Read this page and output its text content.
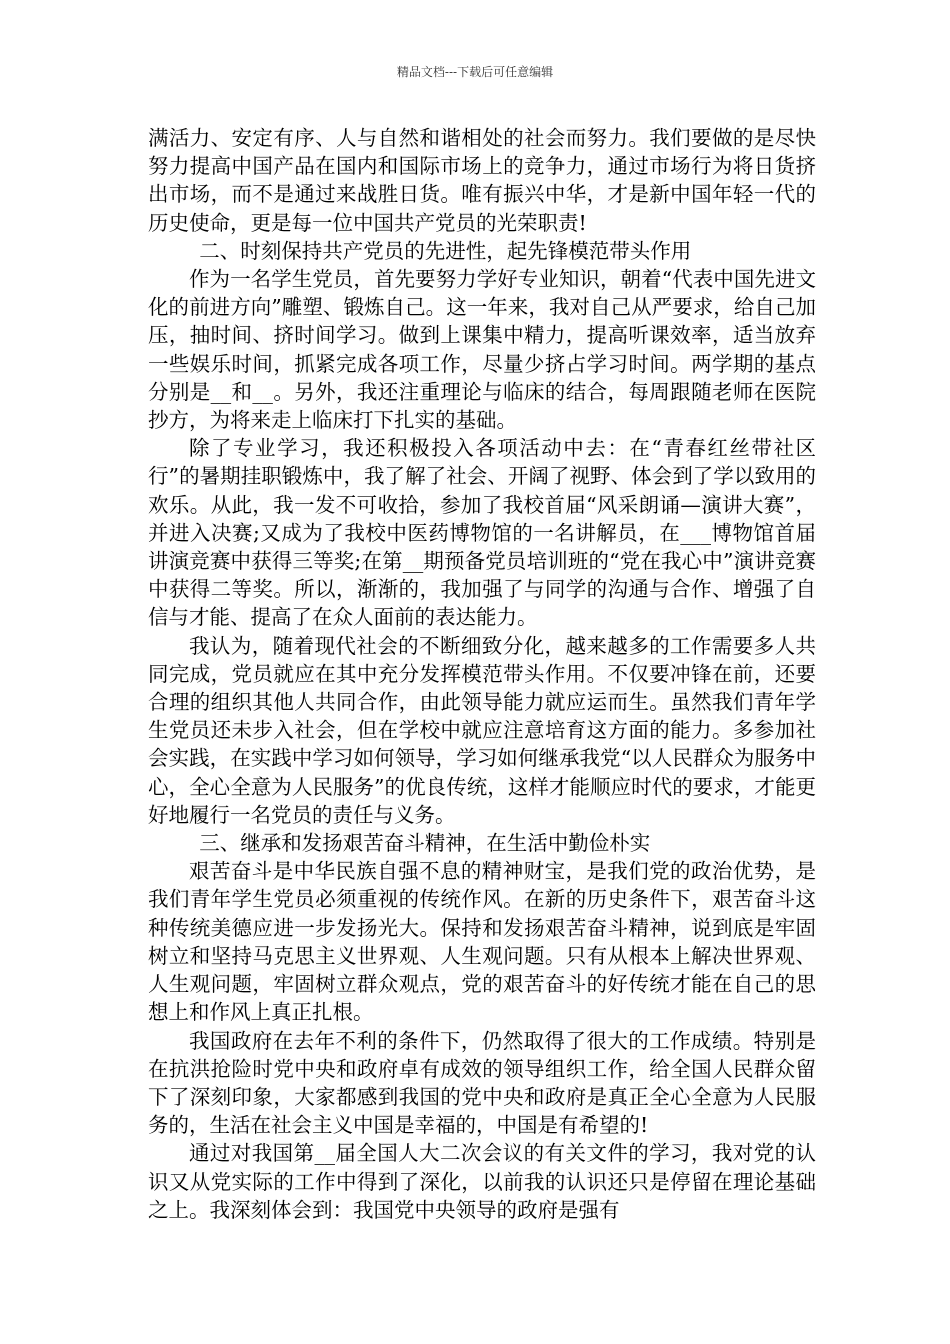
精品文档---下载后可任意编辑

满活力、安定有序、人与自然和谐相处的社会而努力。我们要做的是尽快努力提高中国产品在国内和国际市场上的竞争力，通过市场行为将日货挤出市场，而不是通过来战胜日货。唯有振兴中华，才是新中国年轻一代的历史使命，更是每一位中国共产党员的光荣职责!

二、时刻保持共产党员的先进性，起先锋模范带头作用

作为一名学生党员，首先要努力学好专业知识，朝着“代表中国先进文化的前进方向”雕塑、锻炼自己。这一年来，我对自己从严要求，给自己加压，抽时间、挤时间学习。做到上课集中精力，提高听课效率，适当放弃一些娱乐时间，抓紧完成各项工作，尽量少挤占学习时间。两学期的基点分别是__和__。另外，我还注重理论与临床的结合，每周跟随老师在医院抄方，为将来走上临床打下扎实的基础。

除了专业学习，我还积极投入各项活动中去：在“青春红丝带社区行”的暑期挂职锻炼中，我了解了社会、开阔了视野、体会到了学以致用的欢乐。从此，我一发不可收拾，参加了我校首届“风采朗诵—演讲大赛”，并进入决赛;又成为了我校中医药博物馆的一名讲解员，在___博物馆首届讲演竞赛中获得三等奖;在第__期预备党员培训班的“党在我心中”演讲竞赛中获得二等奖。所以，渐渐的，我加强了与同学的沟通与合作、增强了自信与才能、提高了在众人面前的表达能力。

我认为，随着现代社会的不断细致分化，越来越多的工作需要多人共同完成，党员就应在其中充分发挥模范带头作用。不仅要冲锋在前，还要合理的组织其他人共同合作，由此领导能力就应运而生。虽然我们青年学生党员还未步入社会，但在学校中就应注意培育这方面的能力。多参加社会实践，在实践中学习如何领导，学习如何继承我党“以人民群众为服务中心，全心全意为人民服务”的优良传统，这样才能顺应时代的要求，才能更好地履行一名党员的责任与义务。

三、继承和发扬艰苦奋斗精神，在生活中勤俭朴实

艰苦奋斗是中华民族自强不息的精神财宝，是我们党的政治优势，是我们青年学生党员必须重视的传统作风。在新的历史条件下，艰苦奋斗这种传统美德应进一步发扬光大。保持和发扬艰苦奋斗精神，说到底是牢固树立和坚持马克思主义世界观、人生观问题。只有从根本上解决世界观、人生观问题，牢固树立群众观点，党的艰苦奋斗的好传统才能在自己的思想上和作风上真正扎根。

我国政府在去年不利的条件下，仍然取得了很大的工作成绩。特别是在抗洪抢险时党中央和政府卓有成效的领导组织工作，给全国人民群众留下了深刻印象，大家都感到我国的党中央和政府是真正全心全意为人民服务的，生活在社会主义中国是幸福的，中国是有希望的!

通过对我国第__届全国人大二次会议的有关文件的学习，我对党的认识又从党实际的工作中得到了深化，以前我的认识还只是停留在理论基础之上。我深刻体会到：我国党中央领导的政府是强有
